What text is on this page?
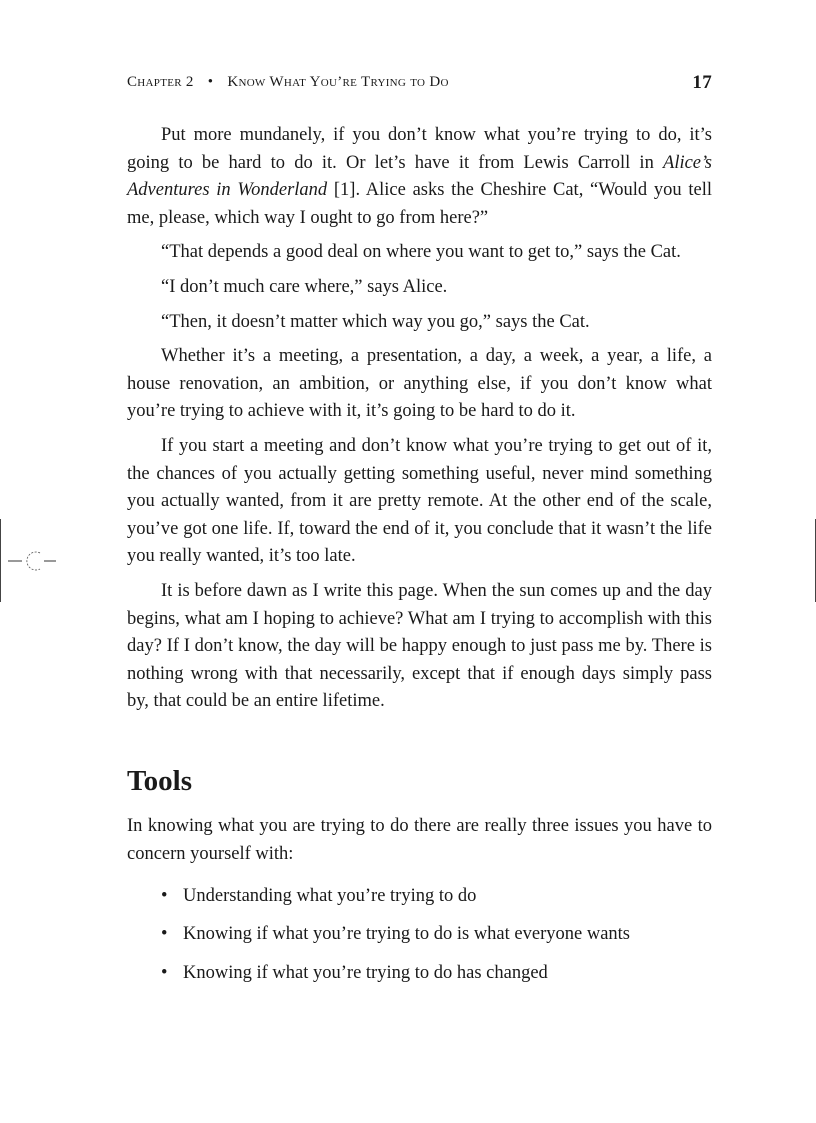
Chapter 2 • Know What You’re Trying to Do	17

Put more mundanely, if you don’t know what you’re trying to do, it’s going to be hard to do it. Or let’s have it from Lewis Carroll in Alice’s Adventures in Wonderland [1]. Alice asks the Cheshire Cat, “Would you tell me, please, which way I ought to go from here?”

“That depends a good deal on where you want to get to,” says the Cat.

“I don’t much care where,” says Alice.

“Then, it doesn’t matter which way you go,” says the Cat.

Whether it’s a meeting, a presentation, a day, a week, a year, a life, a house renovation, an ambition, or anything else, if you don’t know what you’re trying to achieve with it, it’s going to be hard to do it.

If you start a meeting and don’t know what you’re trying to get out of it, the chances of you actually getting something useful, never mind something you actually wanted, from it are pretty remote. At the other end of the scale, you’ve got one life. If, toward the end of it, you conclude that it wasn’t the life you really wanted, it’s too late.

It is before dawn as I write this page. When the sun comes up and the day begins, what am I hoping to achieve? What am I trying to accomplish with this day? If I don’t know, the day will be happy enough to just pass me by. There is nothing wrong with that necessarily, except that if enough days simply pass by, that could be an entire lifetime.

Tools

In knowing what you are trying to do there are really three issues you have to concern yourself with:

• Understanding what you’re trying to do
• Knowing if what you’re trying to do is what everyone wants
• Knowing if what you’re trying to do has changed
